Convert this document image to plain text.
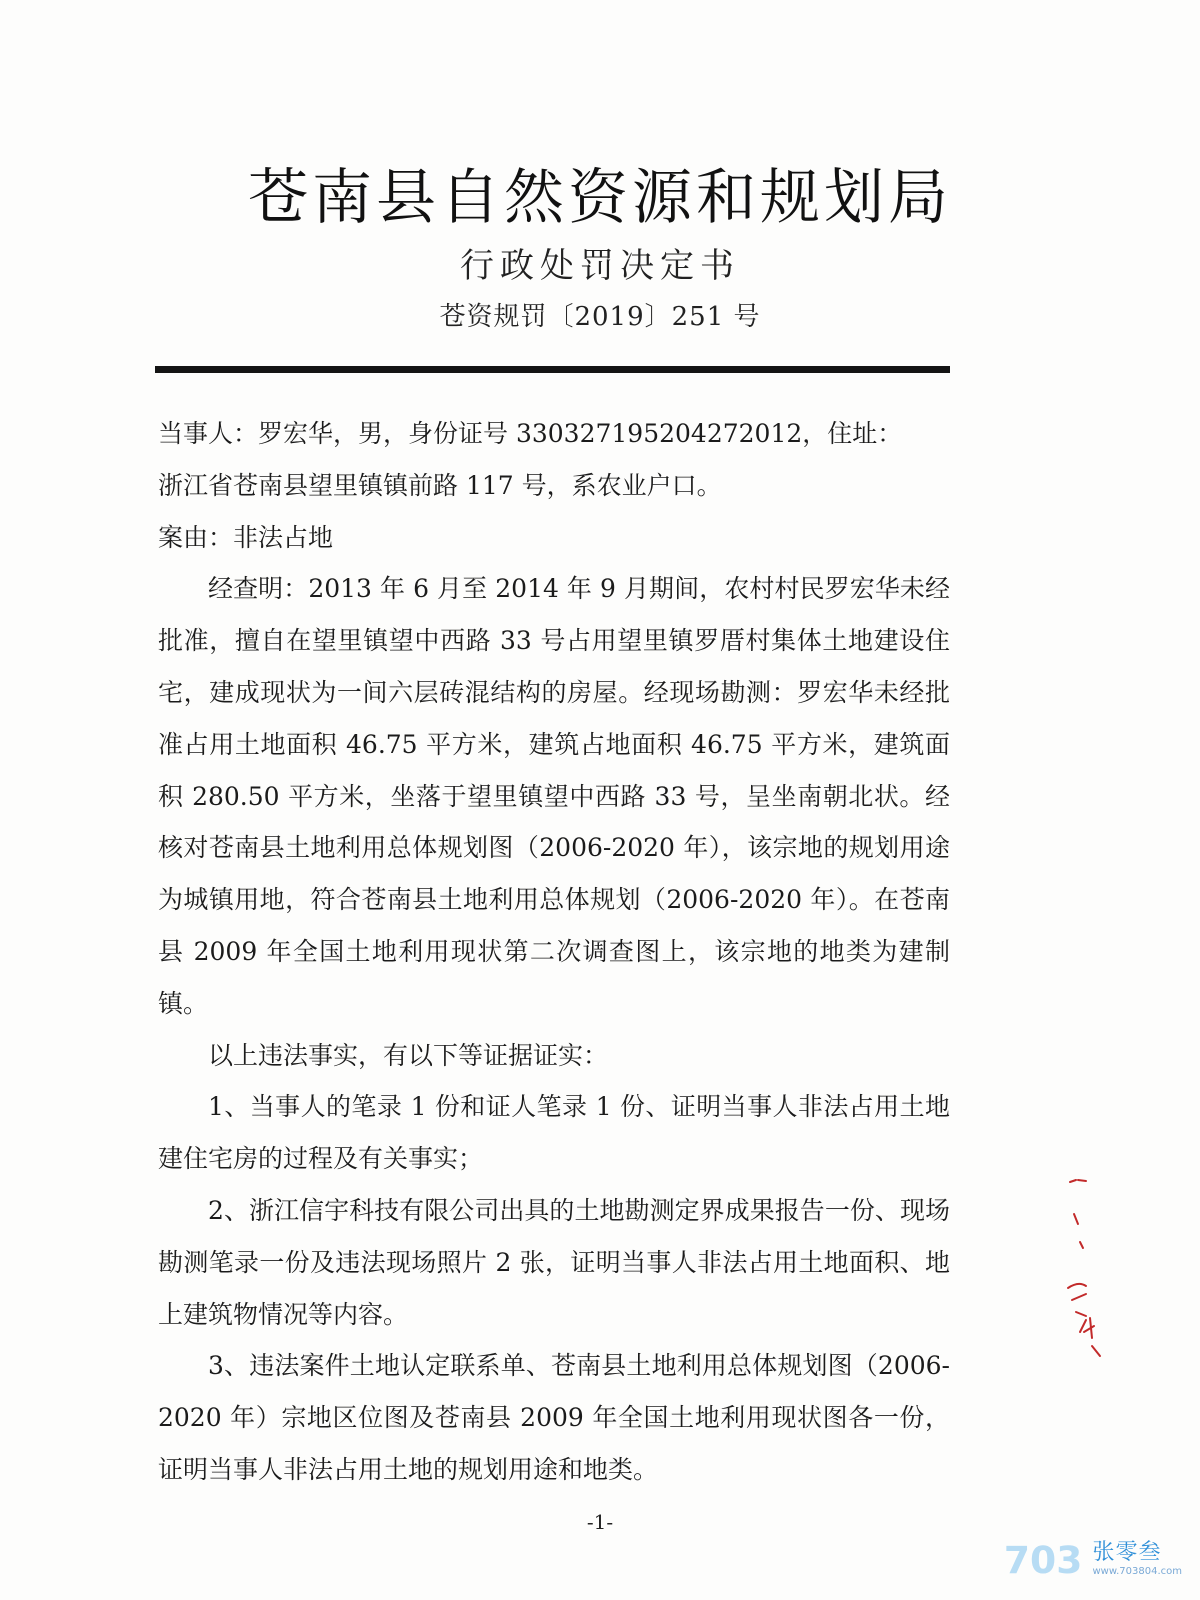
苍南县自然资源和规划局
行政处罚决定书
苍资规罚〔2019〕251 号

当事人：罗宏华，男，身份证号 330327195204272012，住址：

浙江省苍南县望里镇镇前路 117 号，系农业户口。

案由：非法占地

经查明：2013 年 6 月至 2014 年 9 月期间，农村村民罗宏华未经批准，擅自在望里镇望中西路 33 号占用望里镇罗厝村集体土地建设住宅，建成现状为一间六层砖混结构的房屋。经现场勘测：罗宏华未经批准占用土地面积 46.75 平方米，建筑占地面积 46.75 平方米，建筑面积 280.50 平方米，坐落于望里镇望中西路 33 号，呈坐南朝北状。经核对苍南县土地利用总体规划图（2006-2020 年），该宗地的规划用途为城镇用地，符合苍南县土地利用总体规划（2006-2020 年）。在苍南县 2009 年全国土地利用现状第二次调查图上，该宗地的地类为建制镇。

以上违法事实，有以下等证据证实：

1、当事人的笔录 1 份和证人笔录 1 份、证明当事人非法占用土地建住宅房的过程及有关事实；

2、浙江信宇科技有限公司出具的土地勘测定界成果报告一份、现场勘测笔录一份及违法现场照片 2 张，证明当事人非法占用土地面积、地上建筑物情况等内容。

3、违法案件土地认定联系单、苍南县土地利用总体规划图（2006-2020 年）宗地区位图及苍南县 2009 年全国土地利用现状图各一份，证明当事人非法占用土地的规划用途和地类。

-1-
703 张零叁
www.703804.com
